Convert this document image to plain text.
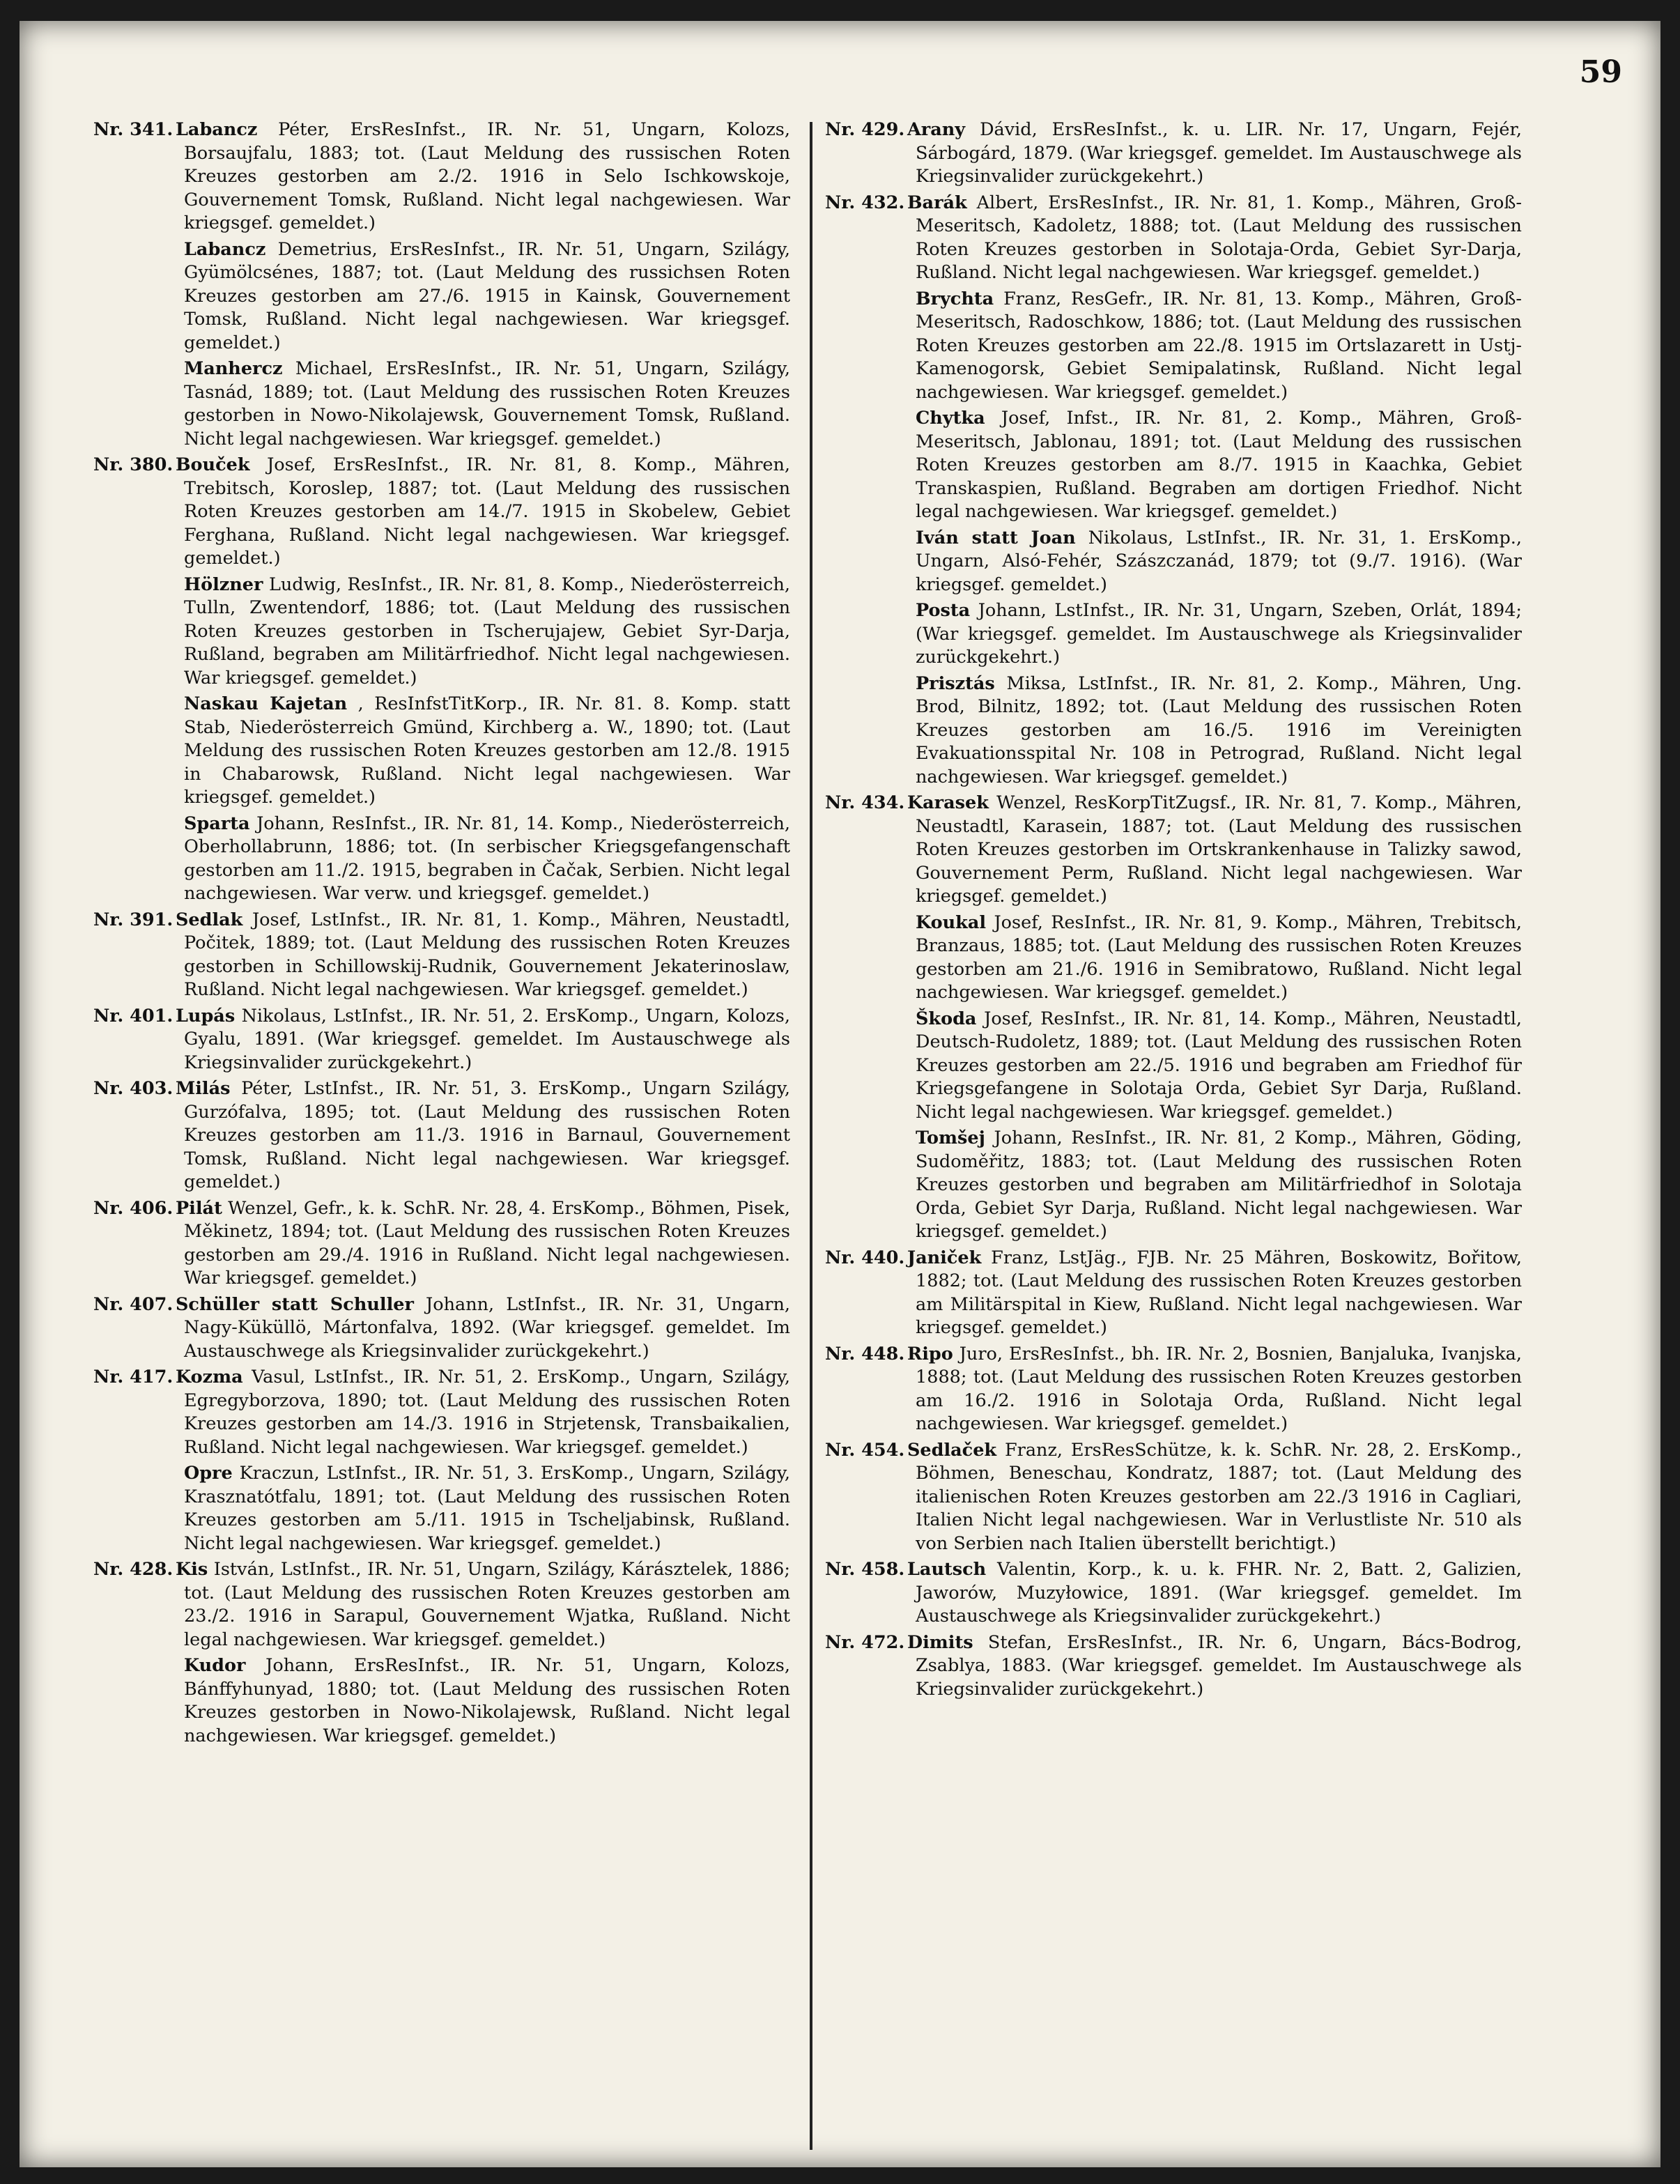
59

Nr. 341. Labancz Péter, ErsResInfst., IR. Nr. 51, Ungarn, Kolozs, Borsaujfalu, 1883; tot. (Laut Meldung des russischen Roten Kreuzes gestorben am 2./2. 1916 in Selo Ischkowskoje, Gouvernement Tomsk, Rußland. Nicht legal nachgewiesen. War kriegsgef. gemeldet.)

Labancz Demetrius, ErsResInfst., IR. Nr. 51, Ungarn, Szilágy, Gyümölcsénes, 1887; tot. (Laut Meldung des russichsen Roten Kreuzes gestorben am 27./6. 1915 in Kainsk, Gouvernement Tomsk, Rußland. Nicht legal nachgewiesen. War kriegsgef. gemeldet.)

Manhercz Michael, ErsResInfst., IR. Nr. 51, Ungarn, Szilágy, Tasnád, 1889; tot. (Laut Meldung des russischen Roten Kreuzes gestorben in Nowo-Nikolajewsk, Gouvernement Tomsk, Rußland. Nicht legal nachgewiesen. War kriegsgef. gemeldet.)

Nr. 380. Bouček Josef, ErsResInfst., IR. Nr. 81, 8. Komp., Mähren, Trebitsch, Koroslep, 1887; tot. (Laut Meldung des russischen Roten Kreuzes gestorben am 14./7. 1915 in Skobelew, Gebiet Ferghana, Rußland. Nicht legal nachgewiesen. War kriegsgef. gemeldet.)

Hölzner Ludwig, ResInfst., IR. Nr. 81, 8. Komp., Niederösterreich, Tulln, Zwentendorf, 1886; tot. (Laut Meldung des russischen Roten Kreuzes gestorben in Tscherujajew, Gebiet Syr-Darja, Rußland, begraben am Militärfriedhof. Nicht legal nachgewiesen. War kriegsgef. gemeldet.)

Naskau Kajetan , ResInfstTitKorp., IR. Nr. 81. 8. Komp. statt Stab, Niederösterreich Gmünd, Kirchberg a. W., 1890; tot. (Laut Meldung des russischen Roten Kreuzes gestorben am 12./8. 1915 in Chabarowsk, Rußland. Nicht legal nachgewiesen. War kriegsgef. gemeldet.)

Sparta Johann, ResInfst., IR. Nr. 81, 14. Komp., Niederösterreich, Oberhollabrunn, 1886; tot. (In serbischer Kriegsgefangenschaft gestorben am 11./2. 1915, begraben in Čačak, Serbien. Nicht legal nachgewiesen. War verw. und kriegsgef. gemeldet.)

Nr. 391. Sedlak Josef, LstInfst., IR. Nr. 81, 1. Komp., Mähren, Neustadtl, Počitek, 1889; tot. (Laut Meldung des russischen Roten Kreuzes gestorben in Schillowskij-Rudnik, Gouvernement Jekaterinoslaw, Rußland. Nicht legal nachgewiesen. War kriegsgef. gemeldet.)

Nr. 401. Lupás Nikolaus, LstInfst., IR. Nr. 51, 2. ErsKomp., Ungarn, Kolozs, Gyalu, 1891. (War kriegsgef. gemeldet. Im Austauschwege als Kriegsinvalider zurückgekehrt.)

Nr. 403. Milás Péter, LstInfst., IR. Nr. 51, 3. ErsKomp., Ungarn Szilágy, Gurzófalva, 1895; tot. (Laut Meldung des russischen Roten Kreuzes gestorben am 11./3. 1916 in Barnaul, Gouvernement Tomsk, Rußland. Nicht legal nachgewiesen. War kriegsgef. gemeldet.)

Nr. 406. Pilát Wenzel, Gefr., k. k. SchR. Nr. 28, 4. ErsKomp., Böhmen, Pisek, Měkinetz, 1894; tot. (Laut Meldung des russischen Roten Kreuzes gestorben am 29./4. 1916 in Rußland. Nicht legal nachgewiesen. War kriegsgef. gemeldet.)

Nr. 407. Schüller statt Schuller Johann, LstInfst., IR. Nr. 31, Ungarn, Nagy-Küküllö, Mártonfalva, 1892. (War kriegsgef. gemeldet. Im Austauschwege als Kriegsinvalider zurückgekehrt.)

Nr. 417. Kozma Vasul, LstInfst., IR. Nr. 51, 2. ErsKomp., Ungarn, Szilágy, Egregyborzova, 1890; tot. (Laut Meldung des russischen Roten Kreuzes gestorben am 14./3. 1916 in Strjetensk, Transbaikalien, Rußland. Nicht legal nachgewiesen. War kriegsgef. gemeldet.)

Opre Kraczun, LstInfst., IR. Nr. 51, 3. ErsKomp., Ungarn, Szilágy, Krasznatótfalu, 1891; tot. (Laut Meldung des russischen Roten Kreuzes gestorben am 5./11. 1915 in Tscheljabinsk, Rußland. Nicht legal nachgewiesen. War kriegsgef. gemeldet.)

Nr. 428. Kis István, LstInfst., IR. Nr. 51, Ungarn, Szilágy, Kárásztelek, 1886; tot. (Laut Meldung des russischen Roten Kreuzes gestorben am 23./2. 1916 in Sarapul, Gouvernement Wjatka, Rußland. Nicht legal nachgewiesen. War kriegsgef. gemeldet.)

Kudor Johann, ErsResInfst., IR. Nr. 51, Ungarn, Kolozs, Bánffyhunyad, 1880; tot. (Laut Meldung des russischen Roten Kreuzes gestorben in Nowo-Nikolajewsk, Rußland. Nicht legal nachgewiesen. War kriegsgef. gemeldet.)

Nr. 429. Arany Dávid, ErsResInfst., k. u. LIR. Nr. 17, Ungarn, Fejér, Sárbogárd, 1879. (War kriegsgef. gemeldet. Im Austauschwege als Kriegsinvalider zurückgekehrt.)

Nr. 432. Barák Albert, ErsResInfst., IR. Nr. 81, 1. Komp., Mähren, Groß-Meseritsch, Kadoletz, 1888; tot. (Laut Meldung des russischen Roten Kreuzes gestorben in Solotaja-Orda, Gebiet Syr-Darja, Rußland. Nicht legal nachgewiesen. War kriegsgef. gemeldet.)

Brychta Franz, ResGefr., IR. Nr. 81, 13. Komp., Mähren, Groß-Meseritsch, Radoschkow, 1886; tot. (Laut Meldung des russischen Roten Kreuzes gestorben am 22./8. 1915 im Ortslazarett in Ustj-Kamenogorsk, Gebiet Semipalatinsk, Rußland. Nicht legal nachgewiesen. War kriegsgef. gemeldet.)

Chytka Josef, Infst., IR. Nr. 81, 2. Komp., Mähren, Groß-Meseritsch, Jablonau, 1891; tot. (Laut Meldung des russischen Roten Kreuzes gestorben am 8./7. 1915 in Kaachka, Gebiet Transkaspien, Rußland. Begraben am dortigen Friedhof. Nicht legal nachgewiesen. War kriegsgef. gemeldet.)

Iván statt Joan Nikolaus, LstInfst., IR. Nr. 31, 1. ErsKomp., Ungarn, Alsó-Fehér, Szászczanád, 1879; tot (9./7. 1916). (War kriegsgef. gemeldet.)

Posta Johann, LstInfst., IR. Nr. 31, Ungarn, Szeben, Orlát, 1894; (War kriegsgef. gemeldet. Im Austauschwege als Kriegsinvalider zurückgekehrt.)

Prisztás Miksa, LstInfst., IR. Nr. 81, 2. Komp., Mähren, Ung. Brod, Bilnitz, 1892; tot. (Laut Meldung des russischen Roten Kreuzes gestorben am 16./5. 1916 im Vereinigten Evakuationsspital Nr. 108 in Petrograd, Rußland. Nicht legal nachgewiesen. War kriegsgef. gemeldet.)

Nr. 434. Karasek Wenzel, ResKorpTitZugsf., IR. Nr. 81, 7. Komp., Mähren, Neustadtl, Karasein, 1887; tot. (Laut Meldung des russischen Roten Kreuzes gestorben im Ortskrankenhause in Talizky sawod, Gouvernement Perm, Rußland. Nicht legal nachgewiesen. War kriegsgef. gemeldet.)

Koukal Josef, ResInfst., IR. Nr. 81, 9. Komp., Mähren, Trebitsch, Branzaus, 1885; tot. (Laut Meldung des russischen Roten Kreuzes gestorben am 21./6. 1916 in Semibratowo, Rußland. Nicht legal nachgewiesen. War kriegsgef. gemeldet.)

Škoda Josef, ResInfst., IR. Nr. 81, 14. Komp., Mähren, Neustadtl, Deutsch-Rudoletz, 1889; tot. (Laut Meldung des russischen Roten Kreuzes gestorben am 22./5. 1916 und begraben am Friedhof für Kriegsgefangene in Solotaja Orda, Gebiet Syr Darja, Rußland. Nicht legal nachgewiesen. War kriegsgef. gemeldet.)

Tomšej Johann, ResInfst., IR. Nr. 81, 2 Komp., Mähren, Göding, Sudoměřitz, 1883; tot. (Laut Meldung des russischen Roten Kreuzes gestorben und begraben am Militärfriedhof in Solotaja Orda, Gebiet Syr Darja, Rußland. Nicht legal nachgewiesen. War kriegsgef. gemeldet.)

Nr. 440. Janiček Franz, LstJäg., FJB. Nr. 25 Mähren, Boskowitz, Bořitow, 1882; tot. (Laut Meldung des russischen Roten Kreuzes gestorben am Militärspital in Kiew, Rußland. Nicht legal nachgewiesen. War kriegsgef. gemeldet.)

Nr. 448. Ripo Juro, ErsResInfst., bh. IR. Nr. 2, Bosnien, Banjaluka, Ivanjska, 1888; tot. (Laut Meldung des russischen Roten Kreuzes gestorben am 16./2. 1916 in Solotaja Orda, Rußland. Nicht legal nachgewiesen. War kriegsgef. gemeldet.)

Nr. 454. Sedlaček Franz, ErsResSchütze, k. k. SchR. Nr. 28, 2. ErsKomp., Böhmen, Beneschau, Kondratz, 1887; tot. (Laut Meldung des italienischen Roten Kreuzes gestorben am 22./3 1916 in Cagliari, Italien Nicht legal nachgewiesen. War in Verlustliste Nr. 510 als von Serbien nach Italien überstellt berichtigt.)

Nr. 458. Lautsch Valentin, Korp., k. u. k. FHR. Nr. 2, Batt. 2, Galizien, Jaworów, Muzyłowice, 1891. (War kriegsgef. gemeldet. Im Austauschwege als Kriegsinvalider zurückgekehrt.)

Nr. 472. Dimits Stefan, ErsResInfst., IR. Nr. 6, Ungarn, Bács-Bodrog, Zsablya, 1883. (War kriegsgef. gemeldet. Im Austauschwege als Kriegsinvalider zurückgekehrt.)
